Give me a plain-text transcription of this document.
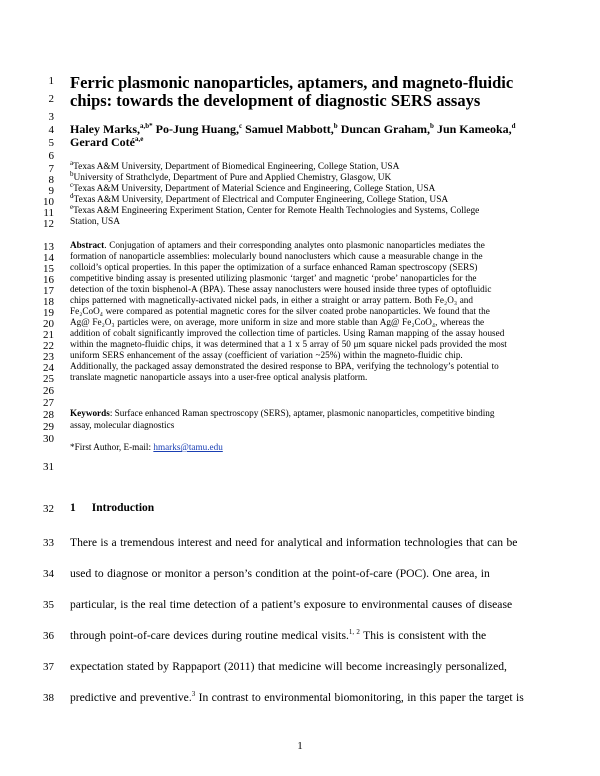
1
2
3
4
5
6
7
8
9
10
11
12
13
14
15
16
17
18
19
20
21
22
23
24
25
26
27
28
29
30
31
32
33
34
35
36
37
38
Ferric plasmonic nanoparticles, aptamers, and magneto-fluidic
chips: towards the development of diagnostic SERS assays
Haley Marks,$^{a,b*}$ Po-Jung Huang,$^c$ Samuel Mabbott,$^b$ Duncan Graham,$^b$ Jun Kameoka,$^d$
Gerard Coté$^{a,e}$
$^a$Texas A&M University, Department of Biomedical Engineering, College Station, USA
$^b$University of Strathclyde, Department of Pure and Applied Chemistry, Glasgow, UK
$^c$Texas A&M University, Department of Material Science and Engineering, College Station, USA
$^d$Texas A&M University, Department of Electrical and Computer Engineering, College Station, USA
$^e$Texas A&M Engineering Experiment Station, Center for Remote Health Technologies and Systems, College
Station, USA
Abstract. Conjugation of aptamers and their corresponding analytes onto plasmonic nanoparticles mediates the
formation of nanoparticle assemblies: molecularly bound nanoclusters which cause a measurable change in the
colloid’s optical properties. In this paper the optimization of a surface enhanced Raman spectroscopy (SERS)
competitive binding assay is presented utilizing plasmonic ‘target’ and magnetic ‘probe’ nanoparticles for the
detection of the toxin bisphenol-A (BPA). These assay nanoclusters were housed inside three types of optofluidic
chips patterned with magnetically-activated nickel pads, in either a straight or array pattern. Both Fe₂O₃ and
Fe₂CoO₄ were compared as potential magnetic cores for the silver coated probe nanoparticles. We found that the
Ag@ Fe₂O₃ particles were, on average, more uniform in size and more stable than Ag@ Fe₂CoO₄, whereas the
addition of cobalt significantly improved the collection time of particles. Using Raman mapping of the assay housed
within the magneto-fluidic chips, it was determined that a 1 x 5 array of 50 μm square nickel pads provided the most
uniform SERS enhancement of the assay (coefficient of variation ~25%) within the magneto-fluidic chip.
Additionally, the packaged assay demonstrated the desired response to BPA, verifying the technology’s potential to
translate magnetic nanoparticle assays into a user-free optical analysis platform.
Keywords: Surface enhanced Raman spectroscopy (SERS), aptamer, plasmonic nanoparticles, competitive binding
assay, molecular diagnostics
*First Author, E-mail: hmarks@tamu.edu
1 Introduction
There is a tremendous interest and need for analytical and information technologies that can be
used to diagnose or monitor a person’s condition at the point-of-care (POC). One area, in
particular, is the real time detection of a patient’s exposure to environmental causes of disease
through point-of-care devices during routine medical visits.$^{1, 2}$ This is consistent with the
expectation stated by Rappaport (2011) that medicine will become increasingly personalized,
predictive and preventive.$^3$ In contrast to environmental biomonitoring, in this paper the target is
1
